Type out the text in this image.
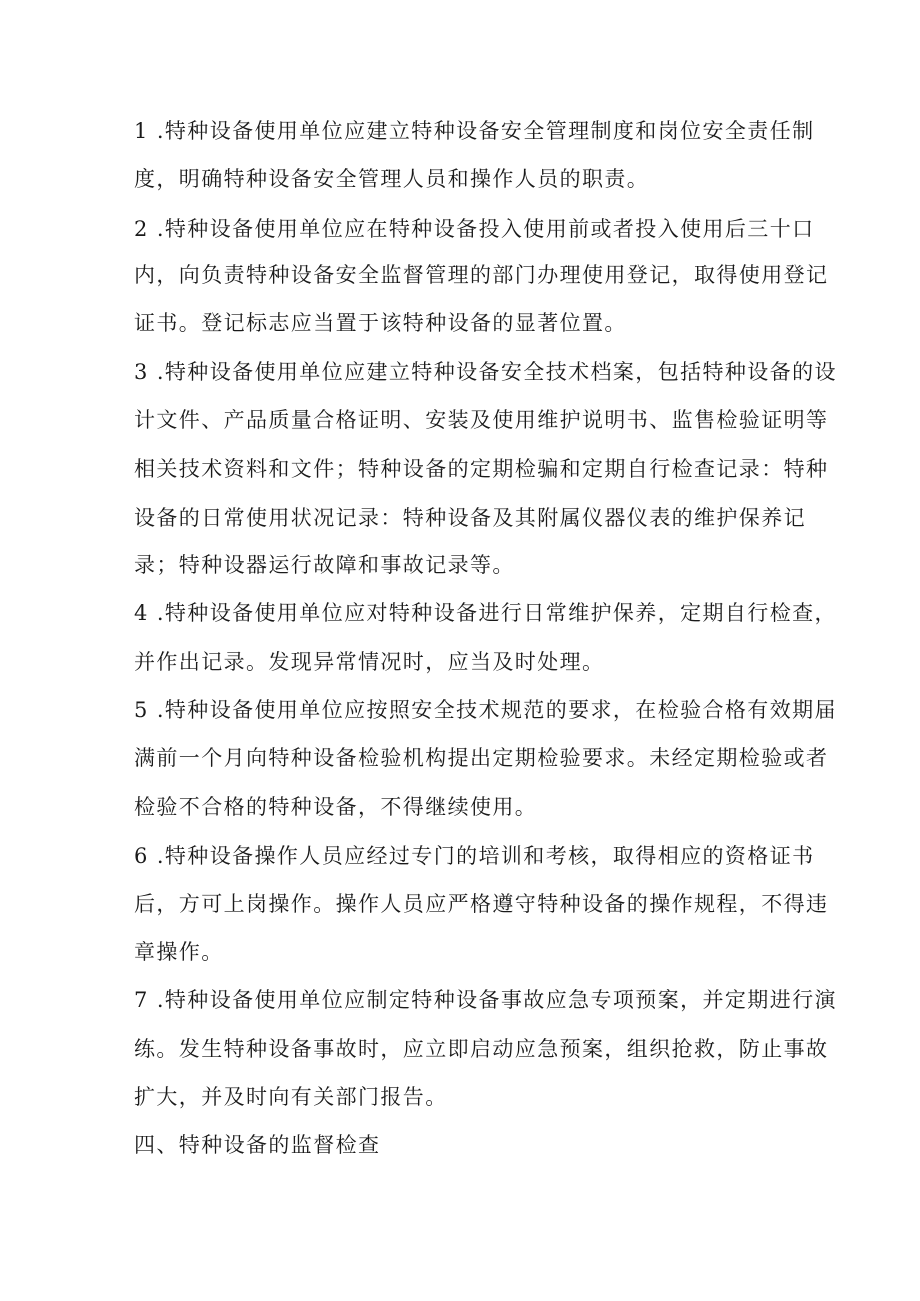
1 .特种设备使用单位应建立特种设备安全管理制度和岗位安全责任制

度，明确特种设备安全管理人员和操作人员的职责。

2 .特种设备使用单位应在特种设备投入使用前或者投入使用后三十口

内，向负责特种设备安全监督管理的部门办理使用登记，取得使用登记

证书。登记标志应当置于该特种设备的显著位置。

3 .特种设备使用单位应建立特种设备安全技术档案，包括特种设备的设

计文件、产品质量合格证明、安装及使用维护说明书、监售检验证明等

相关技术资料和文件；特种设备的定期检骗和定期自行检查记录：特种

设备的日常使用状况记录：特种设备及其附属仪器仪表的维护保养记

录；特种设器运行故障和事故记录等。

4 .特种设备使用单位应对特种设备进行日常维护保养，定期自行检查，

并作出记录。发现异常情况时，应当及时处理。

5 .特种设备使用单位应按照安全技术规范的要求，在检验合格有效期届

满前一个月向特种设备检验机构提出定期检验要求。未经定期检验或者

检验不合格的特种设备，不得继续使用。

6 .特种设备操作人员应经过专门的培训和考核，取得相应的资格证书

后，方可上岗操作。操作人员应严格遵守特种设备的操作规程，不得违

章操作。

7 .特种设备使用单位应制定特种设备事故应急专项预案，并定期进行演

练。发生特种设备事故时，应立即启动应急预案，组织抢救，防止事故

扩大，并及时向有关部门报告。

四、特种设备的监督检查
